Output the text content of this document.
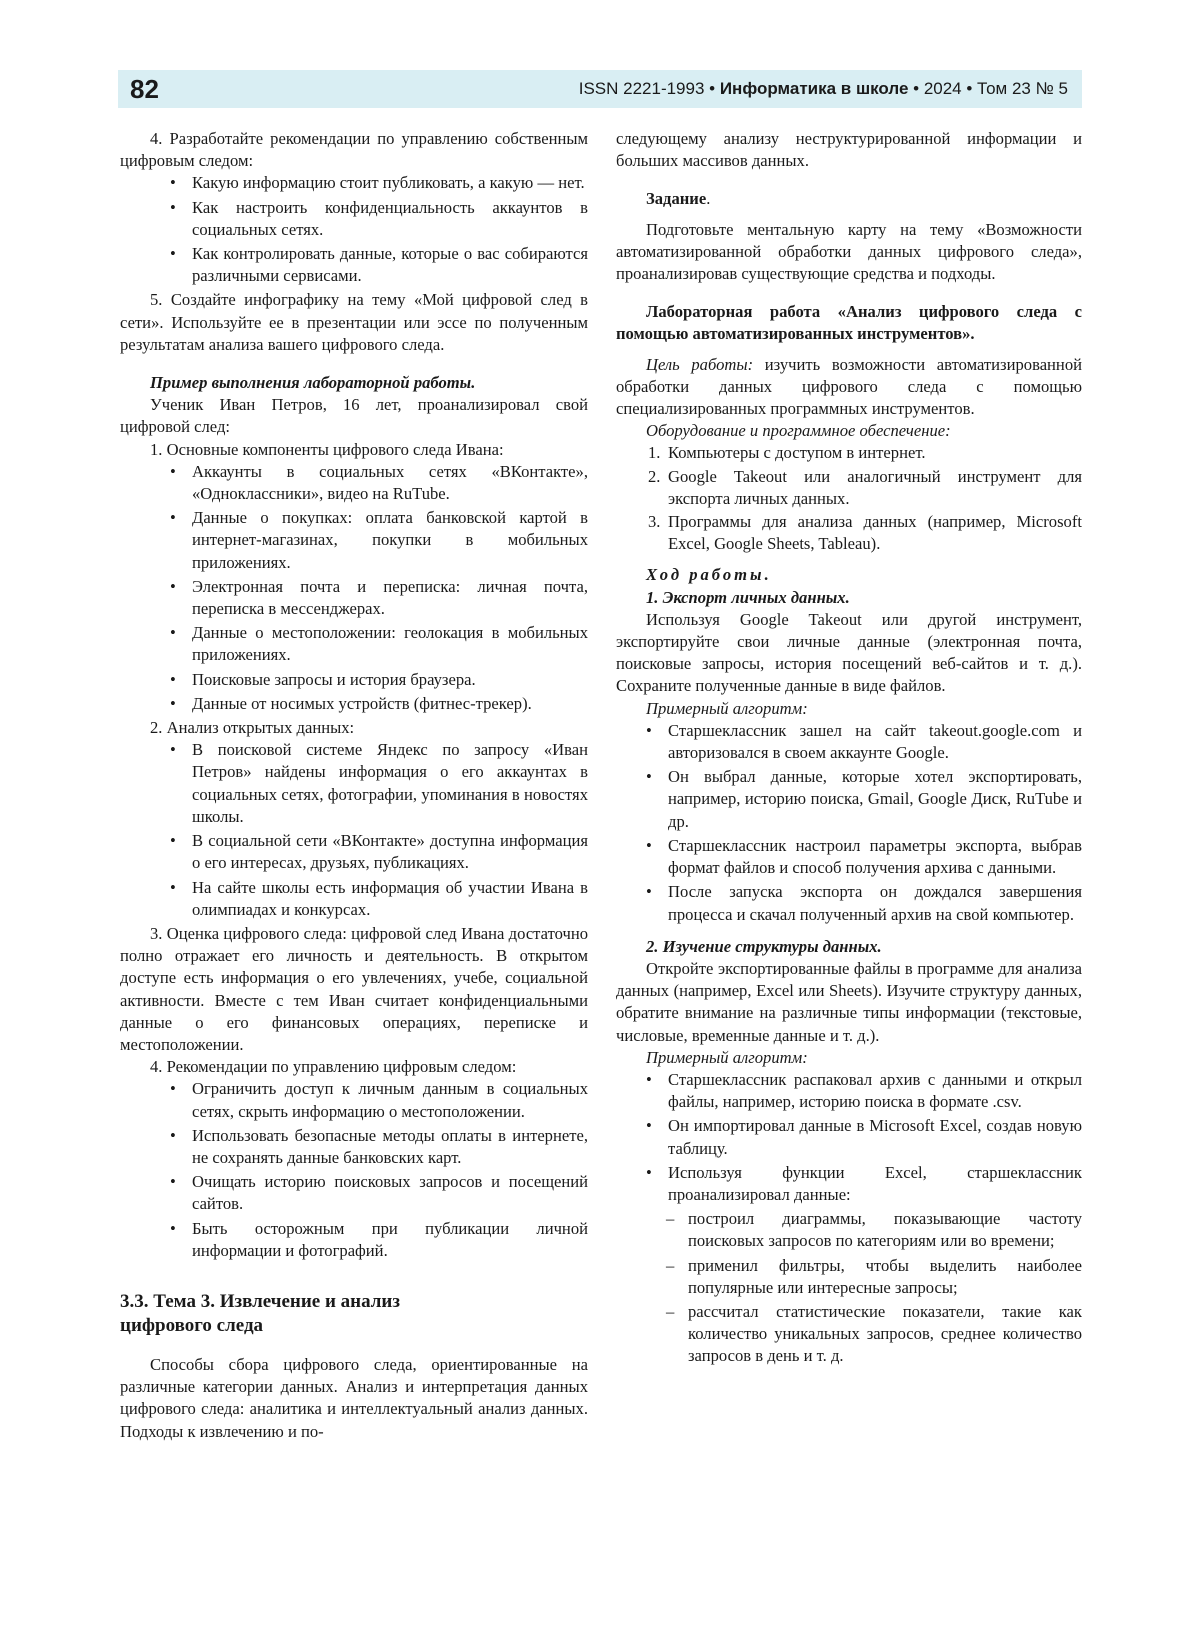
82	ISSN 2221-1993 • Информатика в школе • 2024 • Том 23 № 5

4. Разработайте рекомендации по управлению собственным цифровым следом:

• Какую информацию стоит публиковать, а какую — нет.
• Как настроить конфиденциальность аккаунтов в социальных сетях.
• Как контролировать данные, которые о вас собираются различными сервисами.

5. Создайте инфографику на тему «Мой цифровой след в сети». Используйте ее в презентации или эссе по полученным результатам анализа вашего цифрового следа.

Пример выполнения лабораторной работы.

Ученик Иван Петров, 16 лет, проанализировал свой цифровой след:

1. Основные компоненты цифрового следа Ивана:

• Аккаунты в социальных сетях «ВКонтакте», «Одноклассники», видео на RuTube.
• Данные о покупках: оплата банковской картой в интернет-магазинах, покупки в мобильных приложениях.
• Электронная почта и переписка: личная почта, переписка в мессенджерах.
• Данные о местоположении: геолокация в мобильных приложениях.
• Поисковые запросы и история браузера.
• Данные от носимых устройств (фитнес-трекер).

2. Анализ открытых данных:

• В поисковой системе Яндекс по запросу «Иван Петров» найдены информация о его аккаунтах в социальных сетях, фотографии, упоминания в новостях школы.
• В социальной сети «ВКонтакте» доступна информация о его интересах, друзьях, публикациях.
• На сайте школы есть информация об участии Ивана в олимпиадах и конкурсах.

3. Оценка цифрового следа: цифровой след Ивана достаточно полно отражает его личность и деятельность. В открытом доступе есть информация о его увлечениях, учебе, социальной активности. Вместе с тем Иван считает конфиденциальными данные о его финансовых операциях, переписке и местоположении.

4. Рекомендации по управлению цифровым следом:

• Ограничить доступ к личным данным в социальных сетях, скрыть информацию о местоположении.
• Использовать безопасные методы оплаты в интернете, не сохранять данные банковских карт.
• Очищать историю поисковых запросов и посещений сайтов.
• Быть осторожным при публикации личной информации и фотографий.

3.3. Тема 3. Извлечение и анализ
цифрового следа

Способы сбора цифрового следа, ориентированные на различные категории данных. Анализ и интерпретация данных цифрового следа: аналитика и интеллектуальный анализ данных. Подходы к извлечению и по-

следующему анализу неструктурированной информации и больших массивов данных.

Задание.

Подготовьте ментальную карту на тему «Возможности автоматизированной обработки данных цифрового следа», проанализировав существующие средства и подходы.

Лабораторная работа «Анализ цифрового следа с помощью автоматизированных инструментов».

Цель работы: изучить возможности автоматизированной обработки данных цифрового следа с помощью специализированных программных инструментов.

Оборудование и программное обеспечение:

1. Компьютеры с доступом в интернет.
2. Google Takeout или аналогичный инструмент для экспорта личных данных.
3. Программы для анализа данных (например, Microsoft Excel, Google Sheets, Tableau).

Ход работы.

1. Экспорт личных данных.

Используя Google Takeout или другой инструмент, экспортируйте свои личные данные (электронная почта, поисковые запросы, история посещений веб-сайтов и т. д.). Сохраните полученные данные в виде файлов.

Примерный алгоритм:

• Старшеклассник зашел на сайт takeout.google.com и авторизовался в своем аккаунте Google.
• Он выбрал данные, которые хотел экспортировать, например, историю поиска, Gmail, Google Диск, RuTube и др.
• Старшеклассник настроил параметры экспорта, выбрав формат файлов и способ получения архива с данными.
• После запуска экспорта он дождался завершения процесса и скачал полученный архив на свой компьютер.

2. Изучение структуры данных.

Откройте экспортированные файлы в программе для анализа данных (например, Excel или Sheets). Изучите структуру данных, обратите внимание на различные типы информации (текстовые, числовые, временные данные и т. д.).

Примерный алгоритм:

• Старшеклассник распаковал архив с данными и открыл файлы, например, историю поиска в формате .csv.
• Он импортировал данные в Microsoft Excel, создав новую таблицу.
• Используя функции Excel, старшеклассник проанализировал данные:
– построил диаграммы, показывающие частоту поисковых запросов по категориям или во времени;
– применил фильтры, чтобы выделить наиболее популярные или интересные запросы;
– рассчитал статистические показатели, такие как количество уникальных запросов, среднее количество запросов в день и т. д.
